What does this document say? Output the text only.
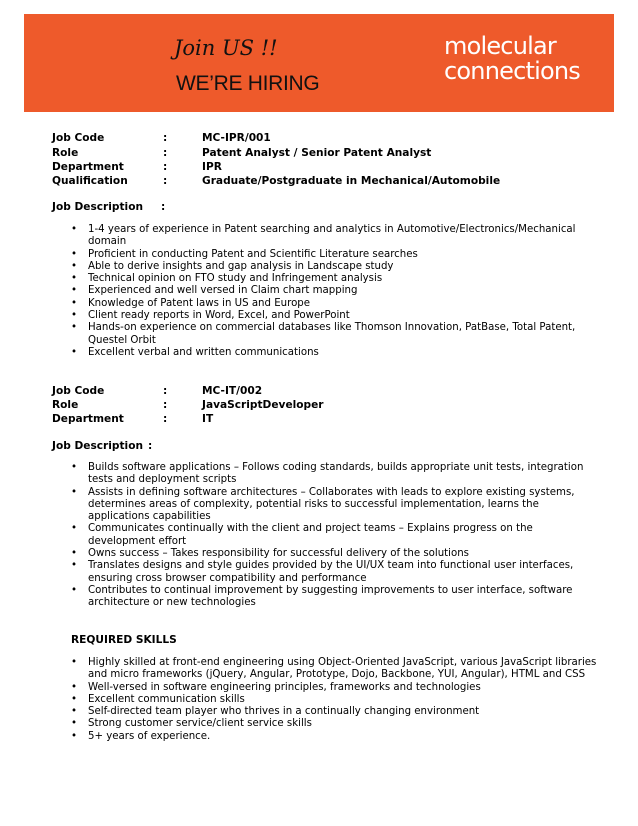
Join US !!
WE’RE HIRING
molecular
connections
Job Code	:	MC-IPR/001
Role	:	Patent Analyst / Senior Patent Analyst
Department	:	IPR
Qualification	:	Graduate/Postgraduate in Mechanical/Automobile
Job Description :
• 1-4 years of experience in Patent searching and analytics in Automotive/Electronics/Mechanical domain
• Proficient in conducting Patent and Scientific Literature searches
• Able to derive insights and gap analysis in Landscape study
• Technical opinion on FTO study and Infringement analysis
• Experienced and well versed in Claim chart mapping
• Knowledge of Patent laws in US and Europe
• Client ready reports in Word, Excel, and PowerPoint
• Hands-on experience on commercial databases like Thomson Innovation, PatBase, Total Patent, Questel Orbit
• Excellent verbal and written communications
Job Code	:	MC-IT/002
Role	:	JavaScriptDeveloper
Department	:	IT
Job Description :
• Builds software applications – Follows coding standards, builds appropriate unit tests, integration tests and deployment scripts
• Assists in defining software architectures – Collaborates with leads to explore existing systems, determines areas of complexity, potential risks to successful implementation, learns the applications capabilities
• Communicates continually with the client and project teams – Explains progress on the development effort
• Owns success – Takes responsibility for successful delivery of the solutions
• Translates designs and style guides provided by the UI/UX team into functional user interfaces, ensuring cross browser compatibility and performance
• Contributes to continual improvement by suggesting improvements to user interface, software architecture or new technologies
REQUIRED SKILLS
• Highly skilled at front-end engineering using Object-Oriented JavaScript, various JavaScript libraries and micro frameworks (jQuery, Angular, Prototype, Dojo, Backbone, YUI, Angular), HTML and CSS
• Well-versed in software engineering principles, frameworks and technologies
• Excellent communication skills
• Self-directed team player who thrives in a continually changing environment
• Strong customer service/client service skills
• 5+ years of experience.
